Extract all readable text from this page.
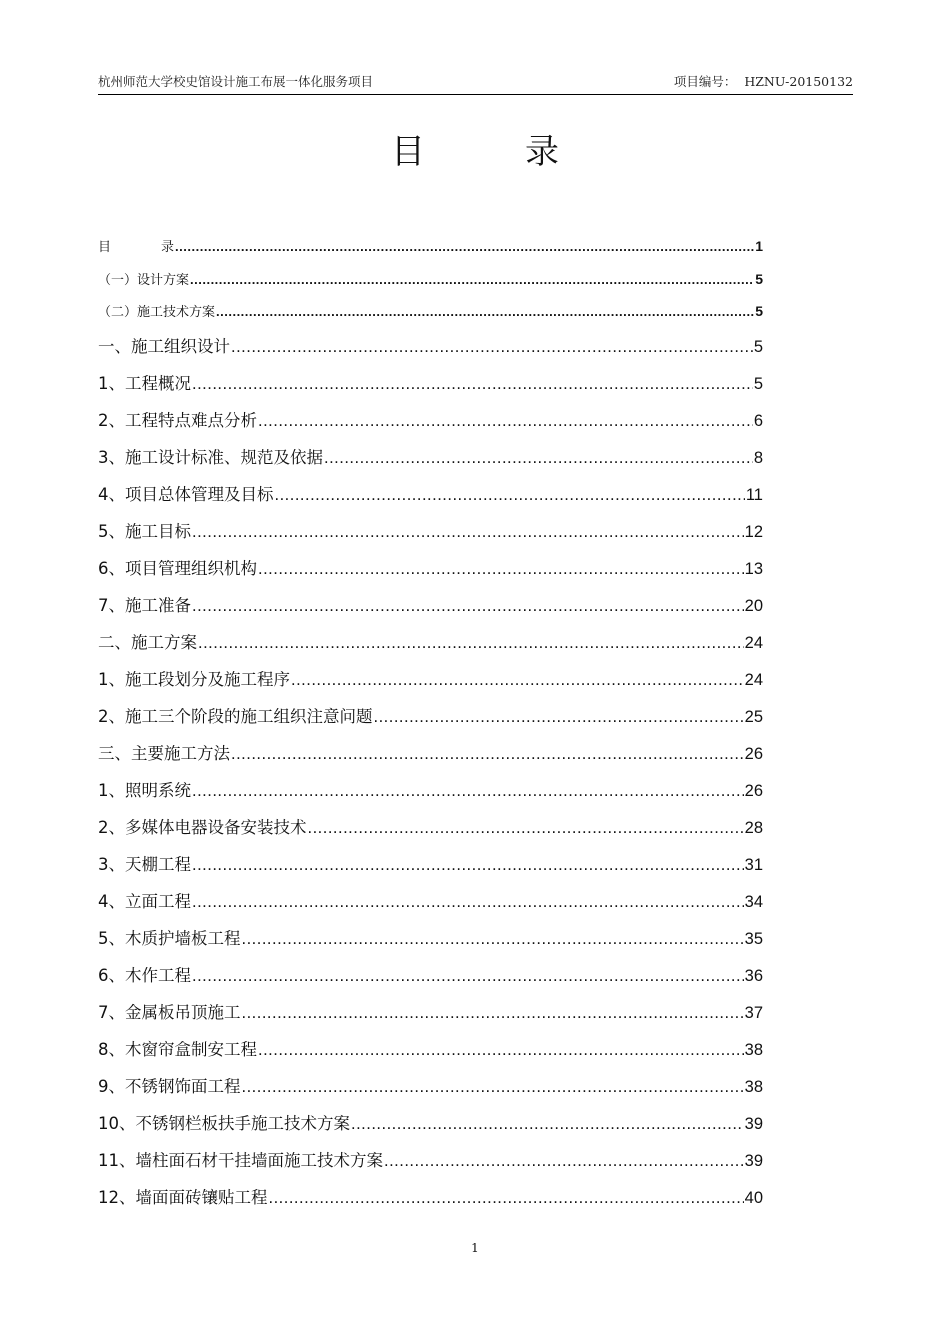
杭州师范大学校史馆设计施工布展一体化服务项目	项目编号： HZNU-20150132
目	录
目	录 .....	1
（一）设计方案 .....	5
（二）施工技术方案 .....	5
一、施工组织设计 .....	5
1、工程概况 .....	5
2、工程特点难点分析 .....	6
3、施工设计标准、规范及依据 .....	8
4、项目总体管理及目标 .....	11
5、施工目标 .....	12
6、项目管理组织机构 .....	13
7、施工准备 .....	20
二、施工方案 .....	24
1、施工段划分及施工程序 .....	24
2、施工三个阶段的施工组织注意问题 .....	25
三、主要施工方法 .....	26
1、照明系统 .....	26
2、多媒体电器设备安装技术 .....	28
3、天棚工程 .....	31
4、立面工程 .....	34
5、木质护墙板工程 .....	35
6、木作工程 .....	36
7、金属板吊顶施工 .....	37
8、木窗帘盒制安工程 .....	38
9、不锈钢饰面工程 .....	38
10、不锈钢栏板扶手施工技术方案 .....	39
11、墙柱面石材干挂墙面施工技术方案 .....	39
12、墙面面砖镶贴工程 .....	40
1
